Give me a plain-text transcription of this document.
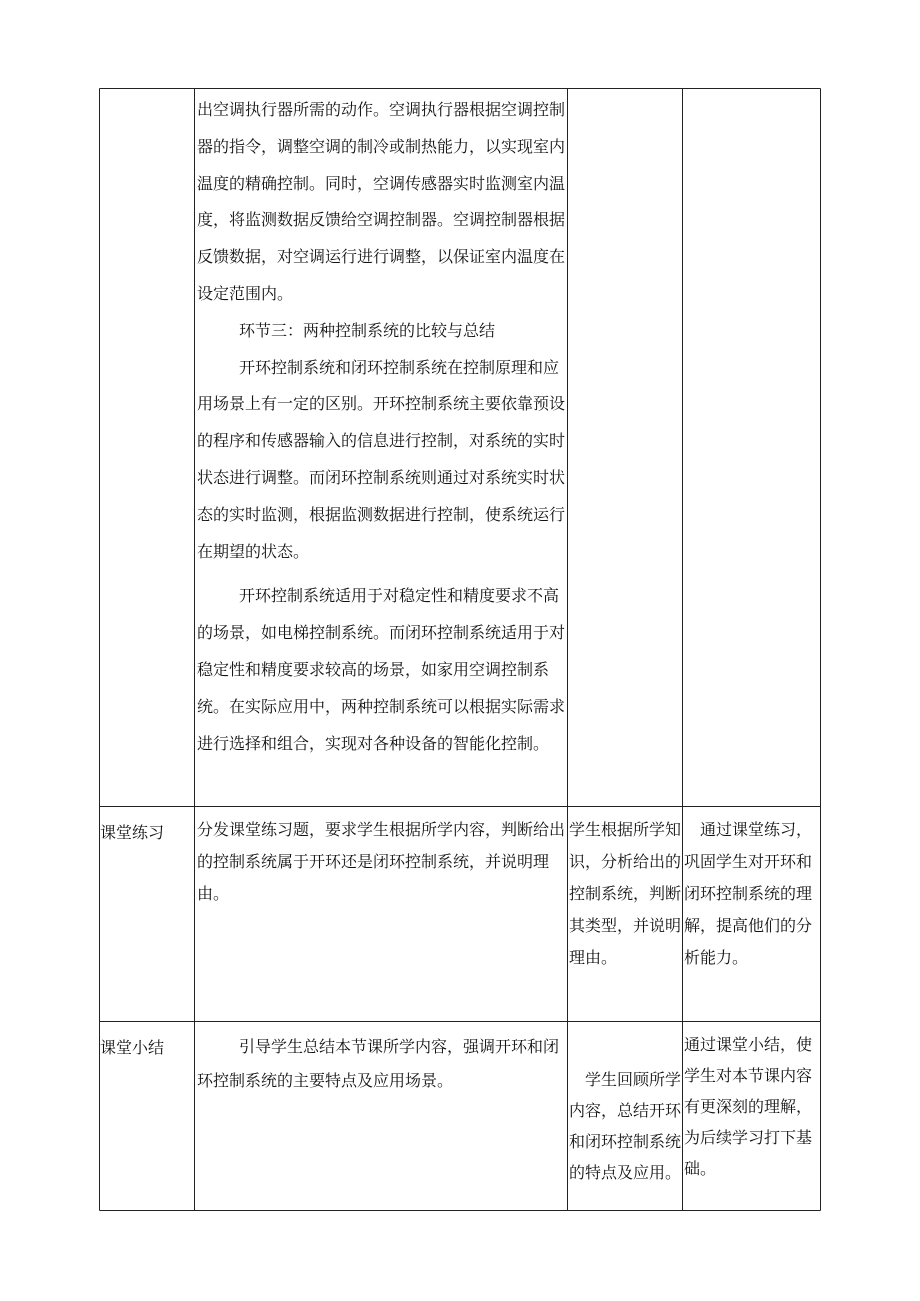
出空调执行器所需的动作。空调执行器根据空调控制器的指令，调整空调的制冷或制热能力，以实现室内温度的精确控制。同时，空调传感器实时监测室内温度，将监测数据反馈给空调控制器。空调控制器根据反馈数据，对空调运行进行调整，以保证室内温度在设定范围内。

环节三：两种控制系统的比较与总结

开环控制系统和闭环控制系统在控制原理和应用场景上有一定的区别。开环控制系统主要依靠预设的程序和传感器输入的信息进行控制，对系统的实时状态进行调整。而闭环控制系统则通过对系统实时状态的实时监测，根据监测数据进行控制，使系统运行在期望的状态。

开环控制系统适用于对稳定性和精度要求不高的场景，如电梯控制系统。而闭环控制系统适用于对稳定性和精度要求较高的场景，如家用空调控制系统。在实际应用中，两种控制系统可以根据实际需求进行选择和组合，实现对各种设备的智能化控制。

课堂练习 分发课堂练习题，要求学生根据所学内容，判断给出的控制系统属于开环还是闭环控制系统，并说明理由。
学生根据所学知识，分析给出的控制系统，判断其类型，并说明理由。
通过课堂练习，巩固学生对开环和闭环控制系统的理解，提高他们的分析能力。
课堂小结	引导学生总结本节课所学内容，强调开环和闭环控制系统的主要特点及应用场景。	学生回顾所学内容，总结开环和闭环控制系统的特点及应用。
通过课堂小结，使学生对本节课内容有更深刻的理解，为后续学习打下基础。
